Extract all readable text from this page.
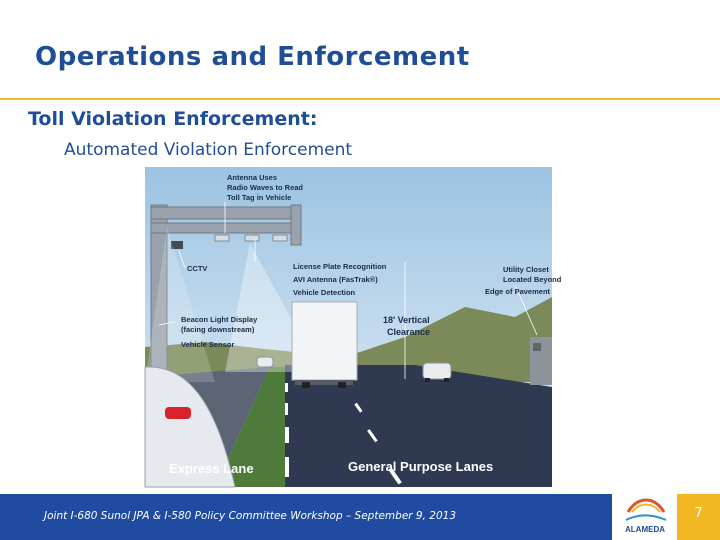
Operations and Enforcement
Toll Violation Enforcement:
Automated Violation Enforcement
Antenna Uses
Radio Waves to Read
Toll Tag in Vehicle
CCTV	License Plate Recognition
AVI Antenna (FasTrak®)
Vehicle Detection
Utility Closet
Located Beyond
Edge of Pavement
Beacon Light Display
(facing downstream)
Vehicle Sensor
18' Vertical
Clearance
Express Lane	General Purpose Lanes
Joint I-680 Sunol JPA & I-580 Policy Committee Workshop – September 9, 2013
ALAMEDA
7
